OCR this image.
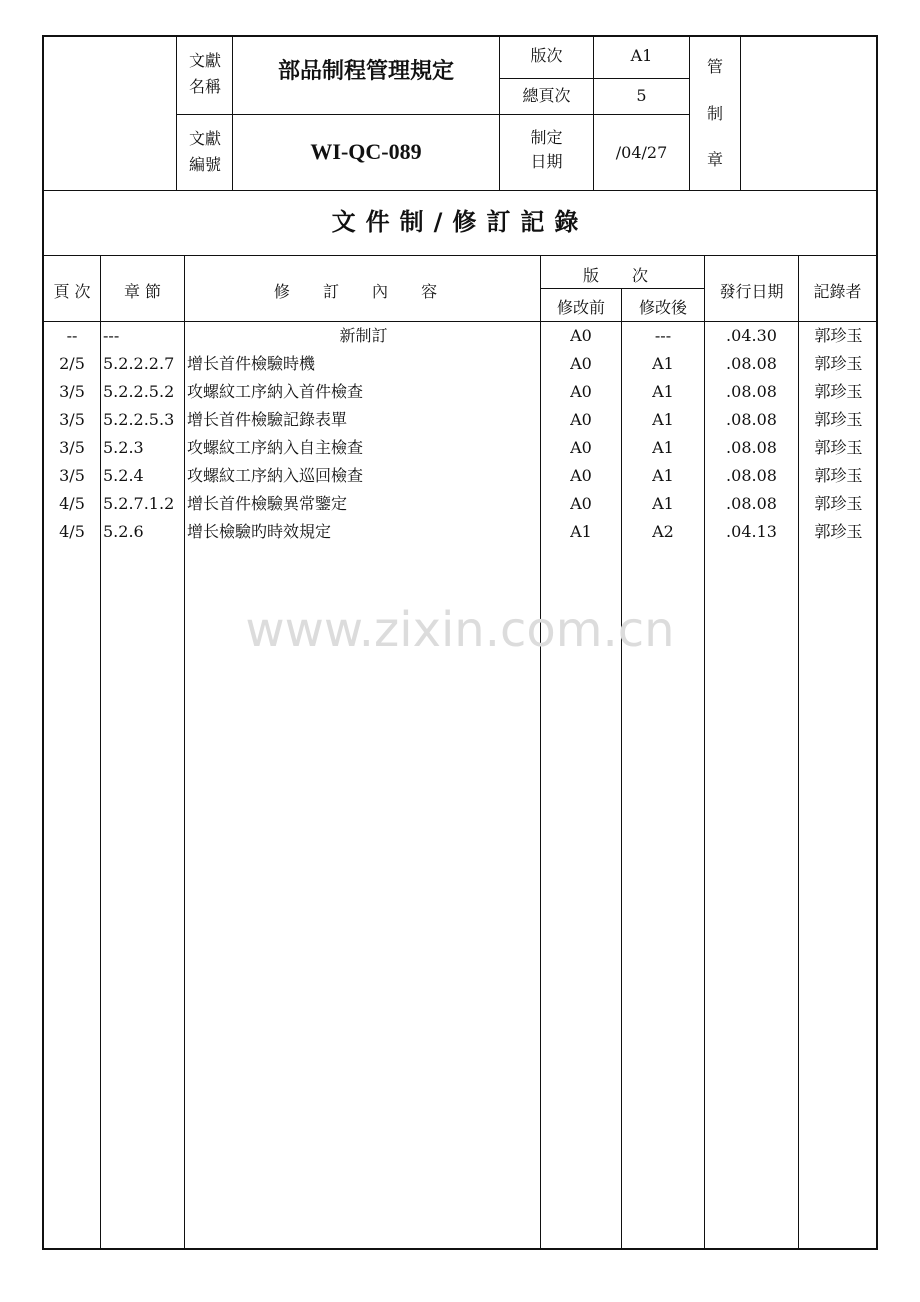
文獻
名稱
部品制程管理規定
文獻
編號
WI-QC-089
版次	A1
總頁次	5
制定
日期	/04/27
管
制
章
文件制/修訂記錄
頁 次	章 節	修 訂 內 容
版 次
修改前	修改後
發行日期	記錄者
--	---	新制訂	A0	---	.04.30	郭珍玉
2/5	5.2.2.2.7 增长首件檢驗時機	A0	A1	.08.08	郭珍玉
3/5	5.2.2.5.2 攻螺紋工序納入首件檢查	A0	A1	.08.08	郭珍玉
3/5	5.2.2.5.3 增长首件檢驗記錄表單	A0	A1	.08.08	郭珍玉
3/5	5.2.3	攻螺紋工序納入自主檢查	A0	A1	.08.08	郭珍玉
3/5	5.2.4	攻螺紋工序納入巡回檢查	A0	A1	.08.08	郭珍玉
4/5	5.2.7.1.2 增长首件檢驗異常鑒定	A0	A1	.08.08	郭珍玉
4/5	5.2.6	增长檢驗旳時效規定	A1	A2	.04.13	郭珍玉
www.zixin.com.cn
